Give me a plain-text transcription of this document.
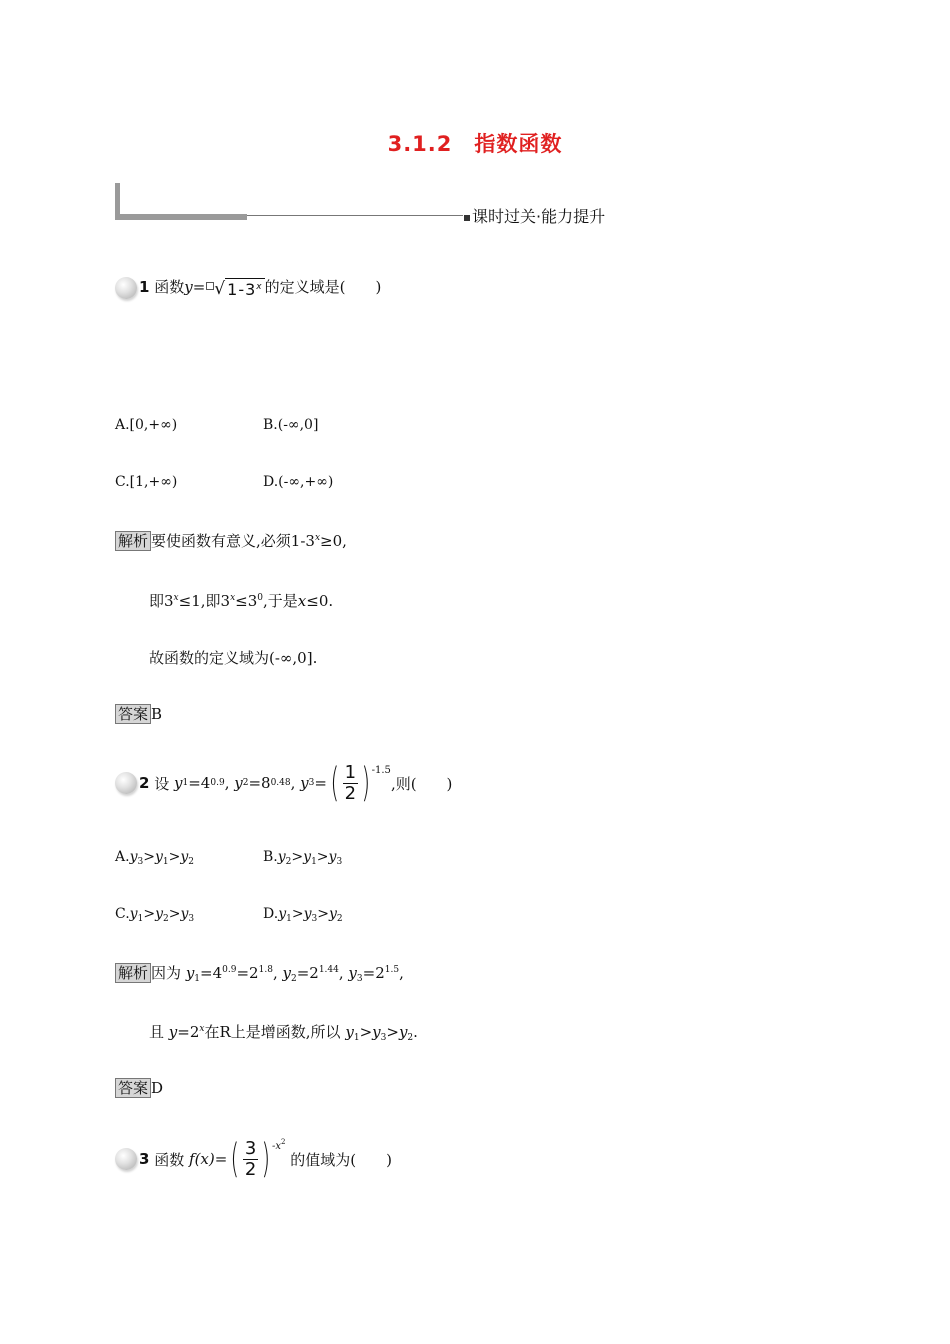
3.1.2　指数函数
课时过关·能力提升
1 函数y= √ 1-3$^x$ 的定义域是(　　)
A.[0,+∞)	B.(-∞,0]
C.[1,+∞)	D.(-∞,+∞)
解析 要使函数有意义,必须$1-3^x\ge 0$,
即$3^x\le 1$,即$3^x\le 3^0$,于是x≤0.
故函数的定义域为(-∞,0].
答案 B
2
设
y 1 =4 0.9 , y 2 =8 0.48 , y 3 = ( $\frac{1}{2}$ ) -1.5
,则(　　)
$A.y_3>y_1>y_2$	$B.y_2>y_1>y_3$
$C.y_1>y_2>y_3$	$D.y_1>y_3>y_2$
解析 因为 $y_1=4^{0.9}=2^{1.8}$, $y_2=2^{1.44}$, $y_3=2^{1.5}$,
且 $y=2^x$在R上是增函数,所以 $y_1>y_3>y_2$.
答案 D
3
函数
f(x) = ( $\frac{3}{2}$ ) $-x^2$

的值域为(　　)
